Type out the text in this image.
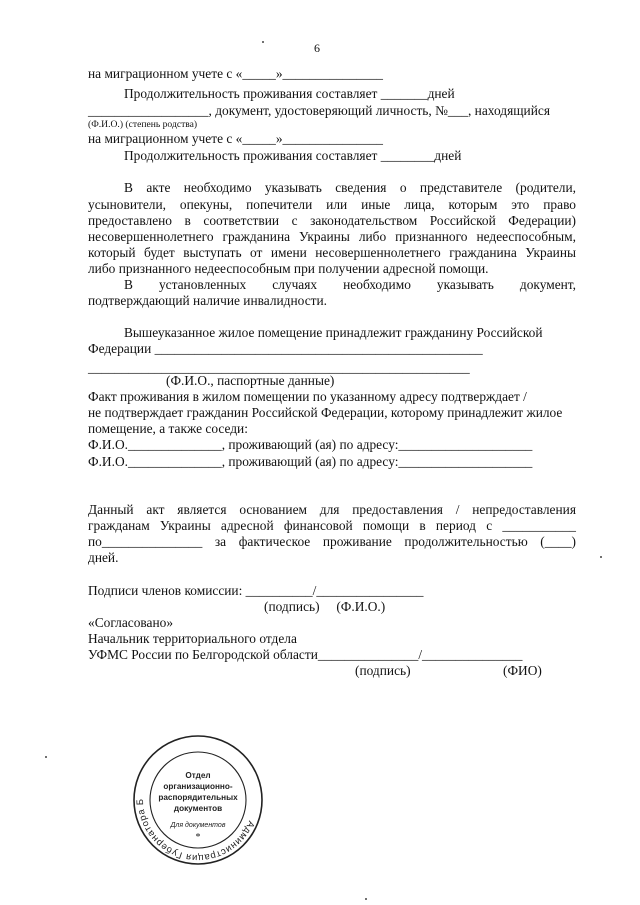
6
на миграционном учете с «_____»_______________
Продолжительность проживания составляет _______дней
__________________, документ, удостоверяющий личность, №___, находящийся
(Ф.И.О.) (степень родства)
на миграционном учете с «_____»_______________
Продолжительность проживания составляет ________дней
В акте необходимо указывать сведения о представителе (родители,
усыновители, опекуны, попечители или иные лица, которым это право
предоставлено в соответствии с законодательством Российской Федерации)
несовершеннолетнего гражданина Украины либо признанного недееспособным,
который будет выступать от имени несовершеннолетнего гражданина Украины
либо признанного недееспособным при получении адресной помощи.
В установленных случаях необходимо указывать документ,
подтверждающий наличие инвалидности.
Вышеуказанное жилое помещение принадлежит гражданину Российской
Федерации _________________________________________________
_________________________________________________________
(Ф.И.О., паспортные данные)
Факт проживания в жилом помещении по указанному адресу подтверждает /
не подтверждает гражданин Российской Федерации, которому принадлежит жилое
помещение, а также соседи:
Ф.И.О.______________, проживающий (ая) по адресу:____________________
Ф.И.О.______________, проживающий (ая) по адресу:____________________
Данный акт является основанием для предоставления / непредоставления
гражданам Украины адресной финансовой помощи в период с ___________
по_______________ за фактическое проживание продолжительностью (____)
дней.
Подписи членов комиссии: __________/________________
(подпись)     (Ф.И.О.)
«Согласовано»
Начальник территориального отдела
УФМС России по Белгородской области_______________/_______________
(подпись)	(ФИО)
Администрация Губернатора Б
Отдел
организационно-
распорядительных
документов
Для документов
*
